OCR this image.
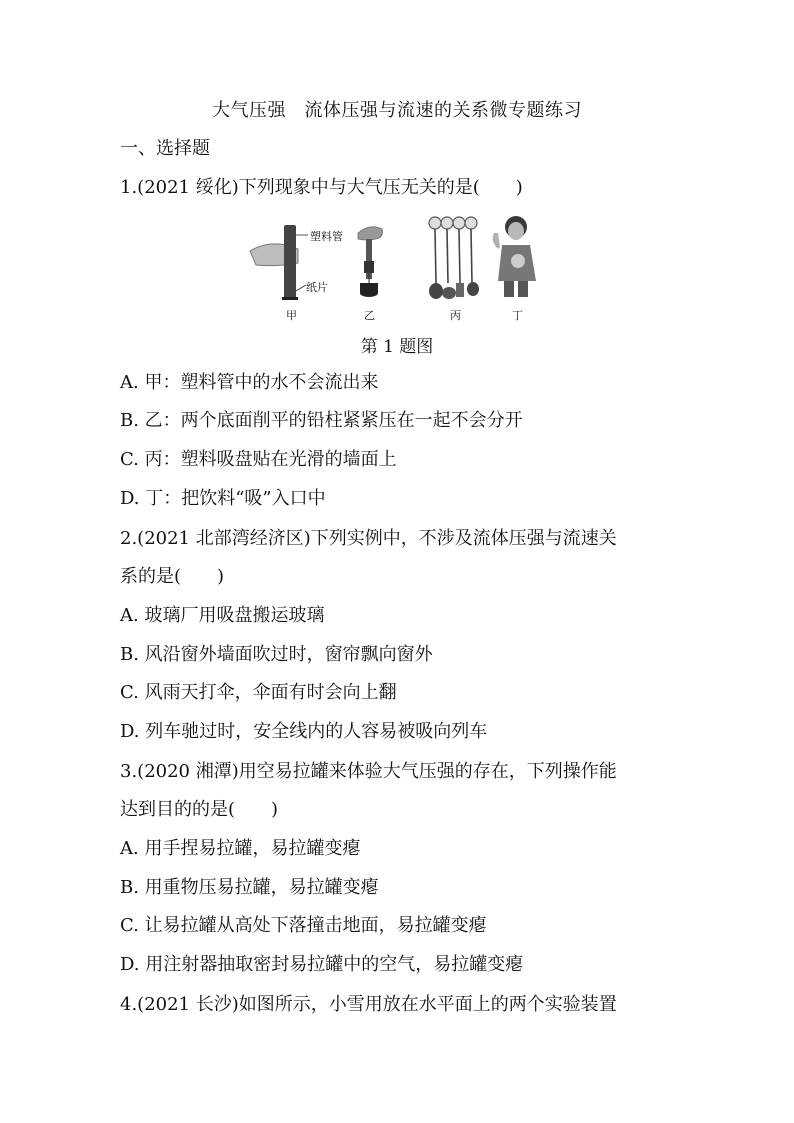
大气压强　流体压强与流速的关系微专题练习
一、选择题
1.(2021 绥化)下列现象中与大气压无关的是(　　)
塑料管
纸片
甲	乙	丙	丁
第 1 题图
A. 甲：塑料管中的水不会流出来
B. 乙：两个底面削平的铅柱紧紧压在一起不会分开
C. 丙：塑料吸盘贴在光滑的墙面上
D. 丁：把饮料“吸”入口中
2.(2021 北部湾经济区)下列实例中，不涉及流体压强与流速关
系的是(　　)
A. 玻璃厂用吸盘搬运玻璃
B. 风沿窗外墙面吹过时，窗帘飘向窗外
C. 风雨天打伞，伞面有时会向上翻
D. 列车驰过时，安全线内的人容易被吸向列车
3.(2020 湘潭)用空易拉罐来体验大气压强的存在，下列操作能
达到目的的是(　　)
A. 用手捏易拉罐，易拉罐变瘪
B. 用重物压易拉罐，易拉罐变瘪
C. 让易拉罐从高处下落撞击地面，易拉罐变瘪
D. 用注射器抽取密封易拉罐中的空气，易拉罐变瘪
4.(2021 长沙)如图所示，小雪用放在水平面上的两个实验装置
